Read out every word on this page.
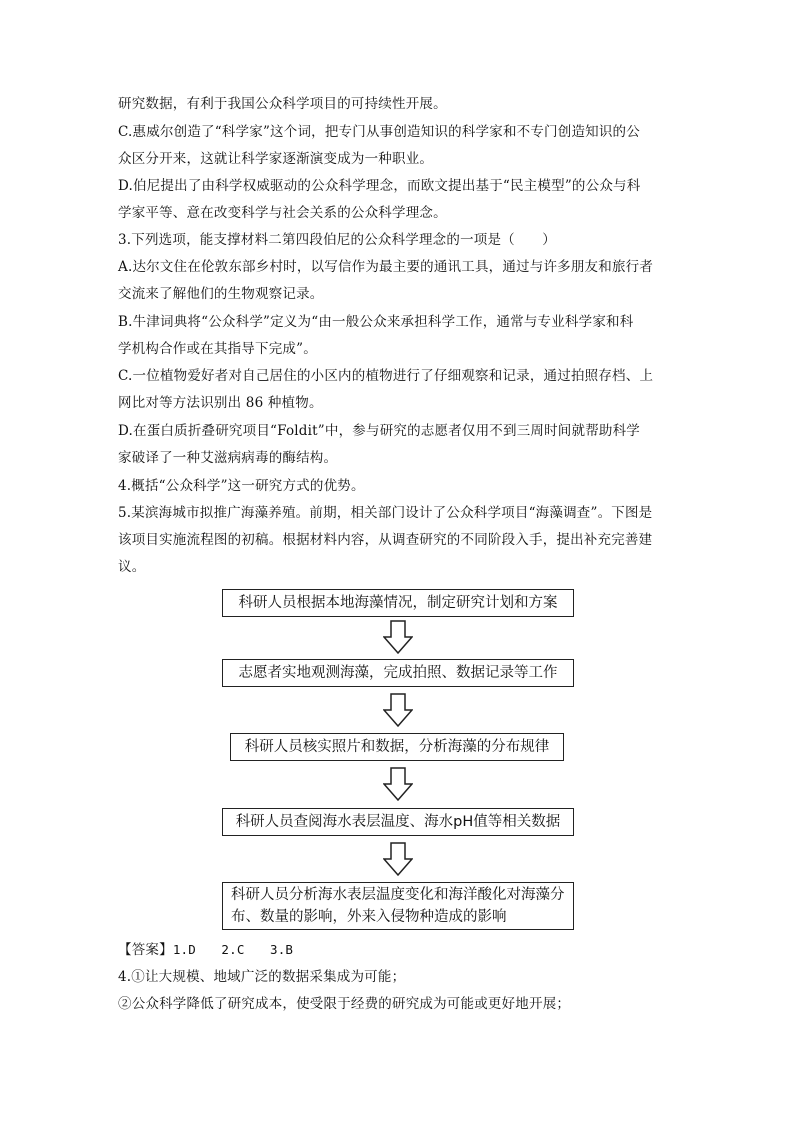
研究数据，有利于我国公众科学项目的可持续性开展。
C.惠威尔创造了“科学家”这个词，把专门从事创造知识的科学家和不专门创造知识的公
众区分开来，这就让科学家逐渐演变成为一种职业。
D.伯尼提出了由科学权威驱动的公众科学理念，而欧文提出基于“民主模型”的公众与科
学家平等、意在改变科学与社会关系的公众科学理念。
3.下列选项，能支撑材料二第四段伯尼的公众科学理念的一项是（　　）
A.达尔文住在伦敦东部乡村时，以写信作为最主要的通讯工具，通过与许多朋友和旅行者
交流来了解他们的生物观察记录。
B.牛津词典将“公众科学”定义为“由一般公众来承担科学工作，通常与专业科学家和科
学机构合作或在其指导下完成”。
C.一位植物爱好者对自己居住的小区内的植物进行了仔细观察和记录，通过拍照存档、上
网比对等方法识别出 86 种植物。
D.在蛋白质折叠研究项目“Foldit”中，参与研究的志愿者仅用不到三周时间就帮助科学
家破译了一种艾滋病病毒的酶结构。
4.概括“公众科学”这一研究方式的优势。
5.某滨海城市拟推广海藻养殖。前期，相关部门设计了公众科学项目“海藻调查”。下图是
该项目实施流程图的初稿。根据材料内容，从调查研究的不同阶段入手，提出补充完善建
议。
科研人员根据本地海藻情况，制定研究计划和方案
志愿者实地观测海藻，完成拍照、数据记录等工作
科研人员核实照片和数据，分析海藻的分布规律
科研人员查阅海水表层温度、海水pH值等相关数据
科研人员分析海水表层温度变化和海洋酸化对海藻分布、数量的影响，外来入侵物种造成的影响
【答案】1.D　　2.C　　3.B
4.①让大规模、地域广泛的数据采集成为可能；
②公众科学降低了研究成本，使受限于经费的研究成为可能或更好地开展；
